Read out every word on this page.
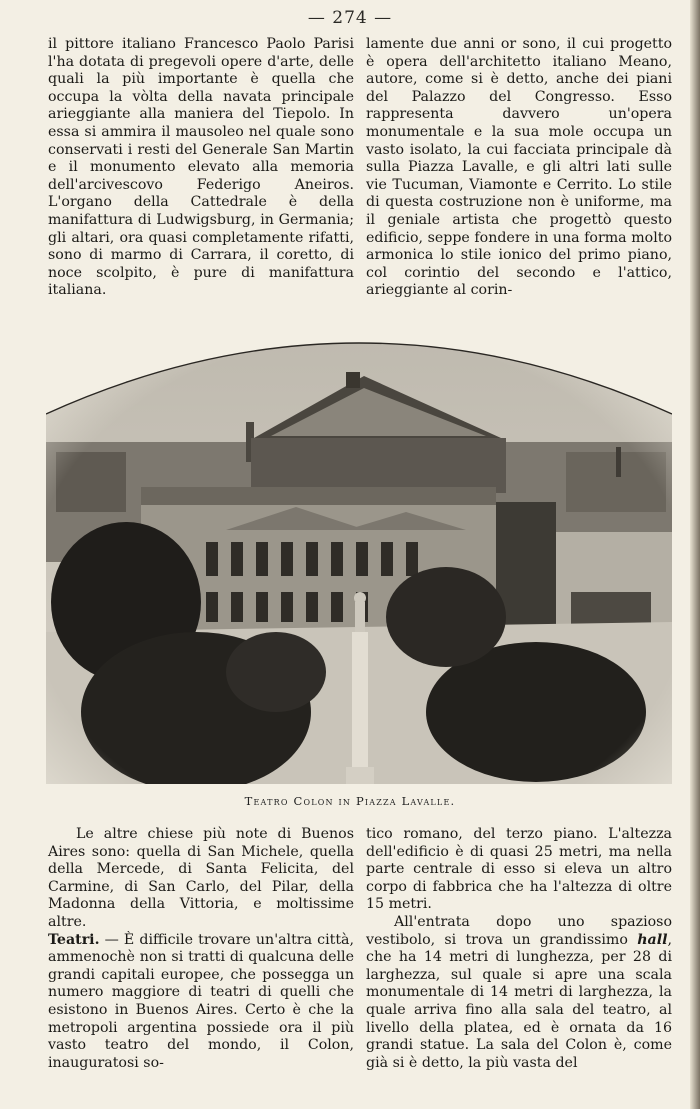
— 274 —

il pittore italiano Francesco Paolo Parisi l'ha dotata di pregevoli opere d'arte, delle quali la più importante è quella che occupa la vòlta della navata principale arieggiante alla maniera del Tiepolo. In essa si ammira il mausoleo nel quale sono conservati i resti del Generale San Martin e il monumento elevato alla memoria dell'arcivescovo Federigo Aneiros. L'organo della Cattedrale è della manifattura di Ludwigsburg, in Germania; gli altari, ora quasi completamente rifatti, sono di marmo di Carrara, il coretto, di noce scolpito, è pure di manifattura italiana.

lamente due anni or sono, il cui progetto è opera dell'architetto italiano Meano, autore, come si è detto, anche dei piani del Palazzo del Congresso. Esso rappresenta davvero un'opera monumentale e la sua mole occupa un vasto isolato, la cui facciata principale dà sulla Piazza Lavalle, e gli altri lati sulle vie Tucuman, Viamonte e Cerrito. Lo stile di questa costruzione non è uniforme, ma il geniale artista che progettò questo edificio, seppe fondere in una forma molto armonica lo stile ionico del primo piano, col corintio del secondo e l'attico, arieggiante al corin-

Teatro Colon in Piazza Lavalle.

Le altre chiese più note di Buenos Aires sono: quella di San Michele, quella della Mercede, di Santa Felicita, del Carmine, di San Carlo, del Pilar, della Madonna della Vittoria, e moltissime altre.

Teatri. — È difficile trovare un'altra città, ammenochè non si tratti di qualcuna delle grandi capitali europee, che possegga un numero maggiore di teatri di quelli che esistono in Buenos Aires. Certo è che la metropoli argentina possiede ora il più vasto teatro del mondo, il Colon, inauguratosi so-

tico romano, del terzo piano. L'altezza dell'edificio è di quasi 25 metri, ma nella parte centrale di esso si eleva un altro corpo di fabbrica che ha l'altezza di oltre 15 metri.

All'entrata dopo uno spazioso vestibolo, si trova un grandissimo hall, che ha 14 metri di lunghezza, per 28 di larghezza, sul quale si apre una scala monumentale di 14 metri di larghezza, la quale arriva fino alla sala del teatro, al livello della platea, ed è ornata da 16 grandi statue. La sala del Colon è, come già si è detto, la più vasta del
